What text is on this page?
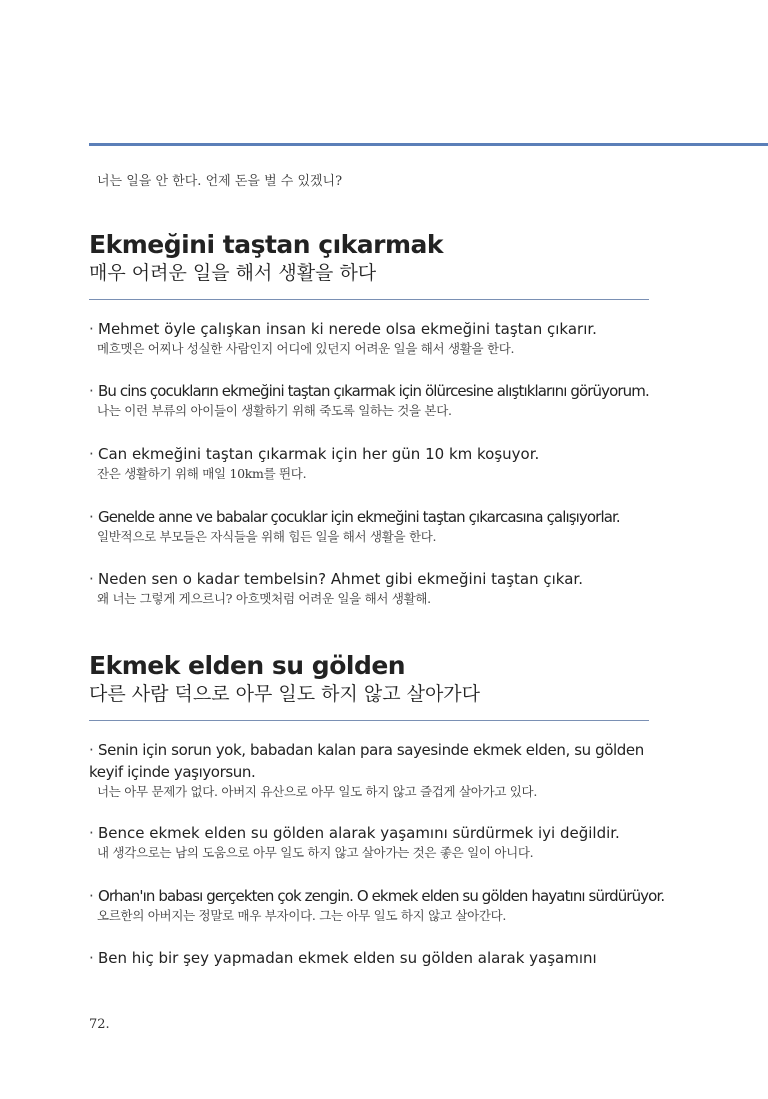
너는 일을 안 한다. 언제 돈을 벌 수 있겠니?
Ekmeğini taştan çıkarmak
매우 어려운 일을 해서 생활을 하다
· Mehmet öyle çalışkan insan ki nerede olsa ekmeğini taştan çıkarır.
메흐멧은 어찌나 성실한 사람인지 어디에 있던지 어려운 일을 해서 생활을 한다.
· Bu cins çocukların ekmeğini taştan çıkarmak için ölürcesine alıştıklarını görüyorum.
나는 이런 부류의 아이들이 생활하기 위해 죽도록 일하는 것을 본다.
· Can ekmeğini taştan çıkarmak için her gün 10 km koşuyor.
잔은 생활하기 위해 매일 10km를 뛴다.
· Genelde anne ve babalar çocuklar için ekmeğini taştan çıkarcasına çalışıyorlar.
일반적으로 부모들은 자식들을 위해 힘든 일을 해서 생활을 한다.
· Neden sen o kadar tembelsin? Ahmet gibi ekmeğini taştan çıkar.
왜 너는 그렇게 게으르니? 아흐멧처럼 어려운 일을 해서 생활해.
Ekmek elden su gölden
다른 사람 덕으로 아무 일도 하지 않고 살아가다
· Senin için sorun yok, babadan kalan para sayesinde ekmek elden, su gölden keyif içinde yaşıyorsun.
너는 아무 문제가 없다. 아버지 유산으로 아무 일도 하지 않고 즐겁게 살아가고 있다.
· Bence ekmek elden su gölden alarak yaşamını sürdürmek iyi değildir.
내 생각으로는 남의 도움으로 아무 일도 하지 않고 살아가는 것은 좋은 일이 아니다.
· Orhan'ın babası gerçekten çok zengin. O ekmek elden su gölden hayatını sürdürüyor.
오르한의 아버지는 정말로 매우 부자이다. 그는 아무 일도 하지 않고 살아간다.
· Ben hiç bir şey yapmadan ekmek elden su gölden alarak yaşamını
72.
